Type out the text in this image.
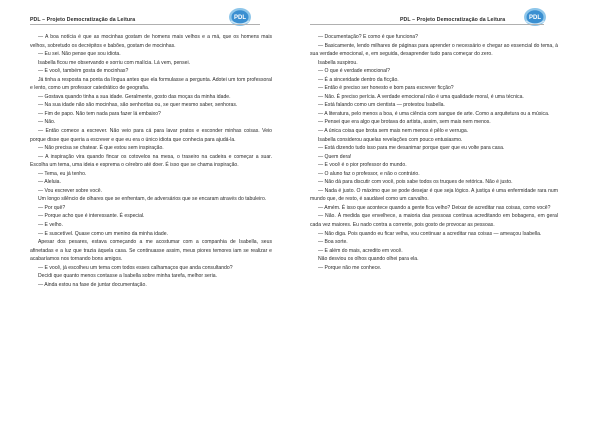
PDL – Projeto Democratização da Leitura	PDL

— A boa notícia é que as mocinhas gostam de homens mais velhos e a má, que os homens mais velhos, sobretudo os decrépitos e babões, gostam de mocinhas.

— Eu sei. Não pense que sou idiota.

Isabella ficou me observando e sorriu com malícia. Lá vem, pensei.

— E você, também gosta de mocinhas?

Já tinha a resposta na ponta da língua antes que ela formulasse a pergunta. Adotei um tom professoral e lento, como um professor catedrático de geografia.

— Gostava quando tinha a sua idade. Geralmente, gosto das moças da minha idade.

— Na sua idade não são mocinhas, são senhoritas ou, se quer mesmo saber, senhoras.

— Fim de papo. Não tem nada para fazer lá embaixo?

— Não.

— Então comece a escrever. Não veio para cá para lavar pratos e esconder minhas coisas. Veio porque disse que queria a escrever e que eu era o único idiota que conhecia para ajudá-la.

— Não precisa se chatear. É que estou sem inspiração.

— A inspiração vira quando fincar os cotovelos na mesa, o traseiro na cadeira e começar a suar. Escolha um tema, uma ideia e esprema o cérebro até doer. É isso que se chama inspiração.

— Tema, eu já tenho.

— Aleluia.

— Vou escrever sobre você.

Um longo silêncio de olhares que se enfrentam, de adversários que se encaram através do tabuleiro.

— Por quê?

— Porque acho que é interessante. É especial.

— E velho.

— E suscetível. Quase como um menino da minha idade.

Apesar dos pesares, estava começando a me acostumar com a companhia de Isabella, seus afinetadas e a luz que trazia àquela casa. Se continuasse assim, meus piores temores iam se realizar e acabaríamos nos tornando bons amigos.

— E você, já escolheu um tema com todos esses calhamaços que anda consultando?

Decidi que quanto menos contasse a Isabella sobre minha tarefa, melhor seria.

— Ainda estou na fase de juntar documentação.

PDL – Projeto Democratização da Leitura	PDL

— Documentação? E como é que funciona?

— Basicamente, lendo milhares de páginas para aprender o necessário e chegar ao essencial do tema, à sua verdade emocional, e, em seguida, desaprender tudo para começar do zero.

Isabella suspirou.

— O que é verdade emocional?

— É a sinceridade dentro da ficção.

— Então é preciso ser honesto e bom para escrever ficção?

— Não. É preciso perícia. A verdade emocional não é uma qualidade moral, é uma técnica.

— Está falando como um cientista — protestou Isabella.

— A literatura, pelo menos a boa, é uma ciência com sangue de arte. Como a arquitetura ou a música.

— Pensei que era algo que brotava do artista, assim, sem mais nem menos.

— A única coisa que brota sem mais nem menos é pêlo e verruga.

Isabella considerou aquelas revelações com pouco entusiasmo.

— Está dizendo tudo isso para me desanimar porque quer que eu volte para casa.

— Quem dera!

— E você é o pior professor do mundo.

— O aluno faz o professor, e não o contrário.

— Não dá para discutir com você, pois sabe todos os truques de retórica. Não é justo.

— Nada é justo. O máximo que se pode desejar é que seja lógico. A justiça é uma enfermidade rara num mundo que, de resto, é saudável como um carvalho.

— Amém. É isso que acontece quando a gente fica velho? Deixar de acreditar nas coisas, como você?

— Não. À medida que envelhece, a maioria das pessoas continua acreditando em bobagens, em geral cada vez maiores. Eu nado contra a corrente, pois gosto de provocar as pessoas.

— Não diga. Pois quando eu ficar velha, vou continuar a acreditar nas coisas — ameaçou Isabella.

— Boa sorte.

— E além do mais, acredito em você.

Não desviou os olhos quando olhei para ela.

— Porque não me conhece.
